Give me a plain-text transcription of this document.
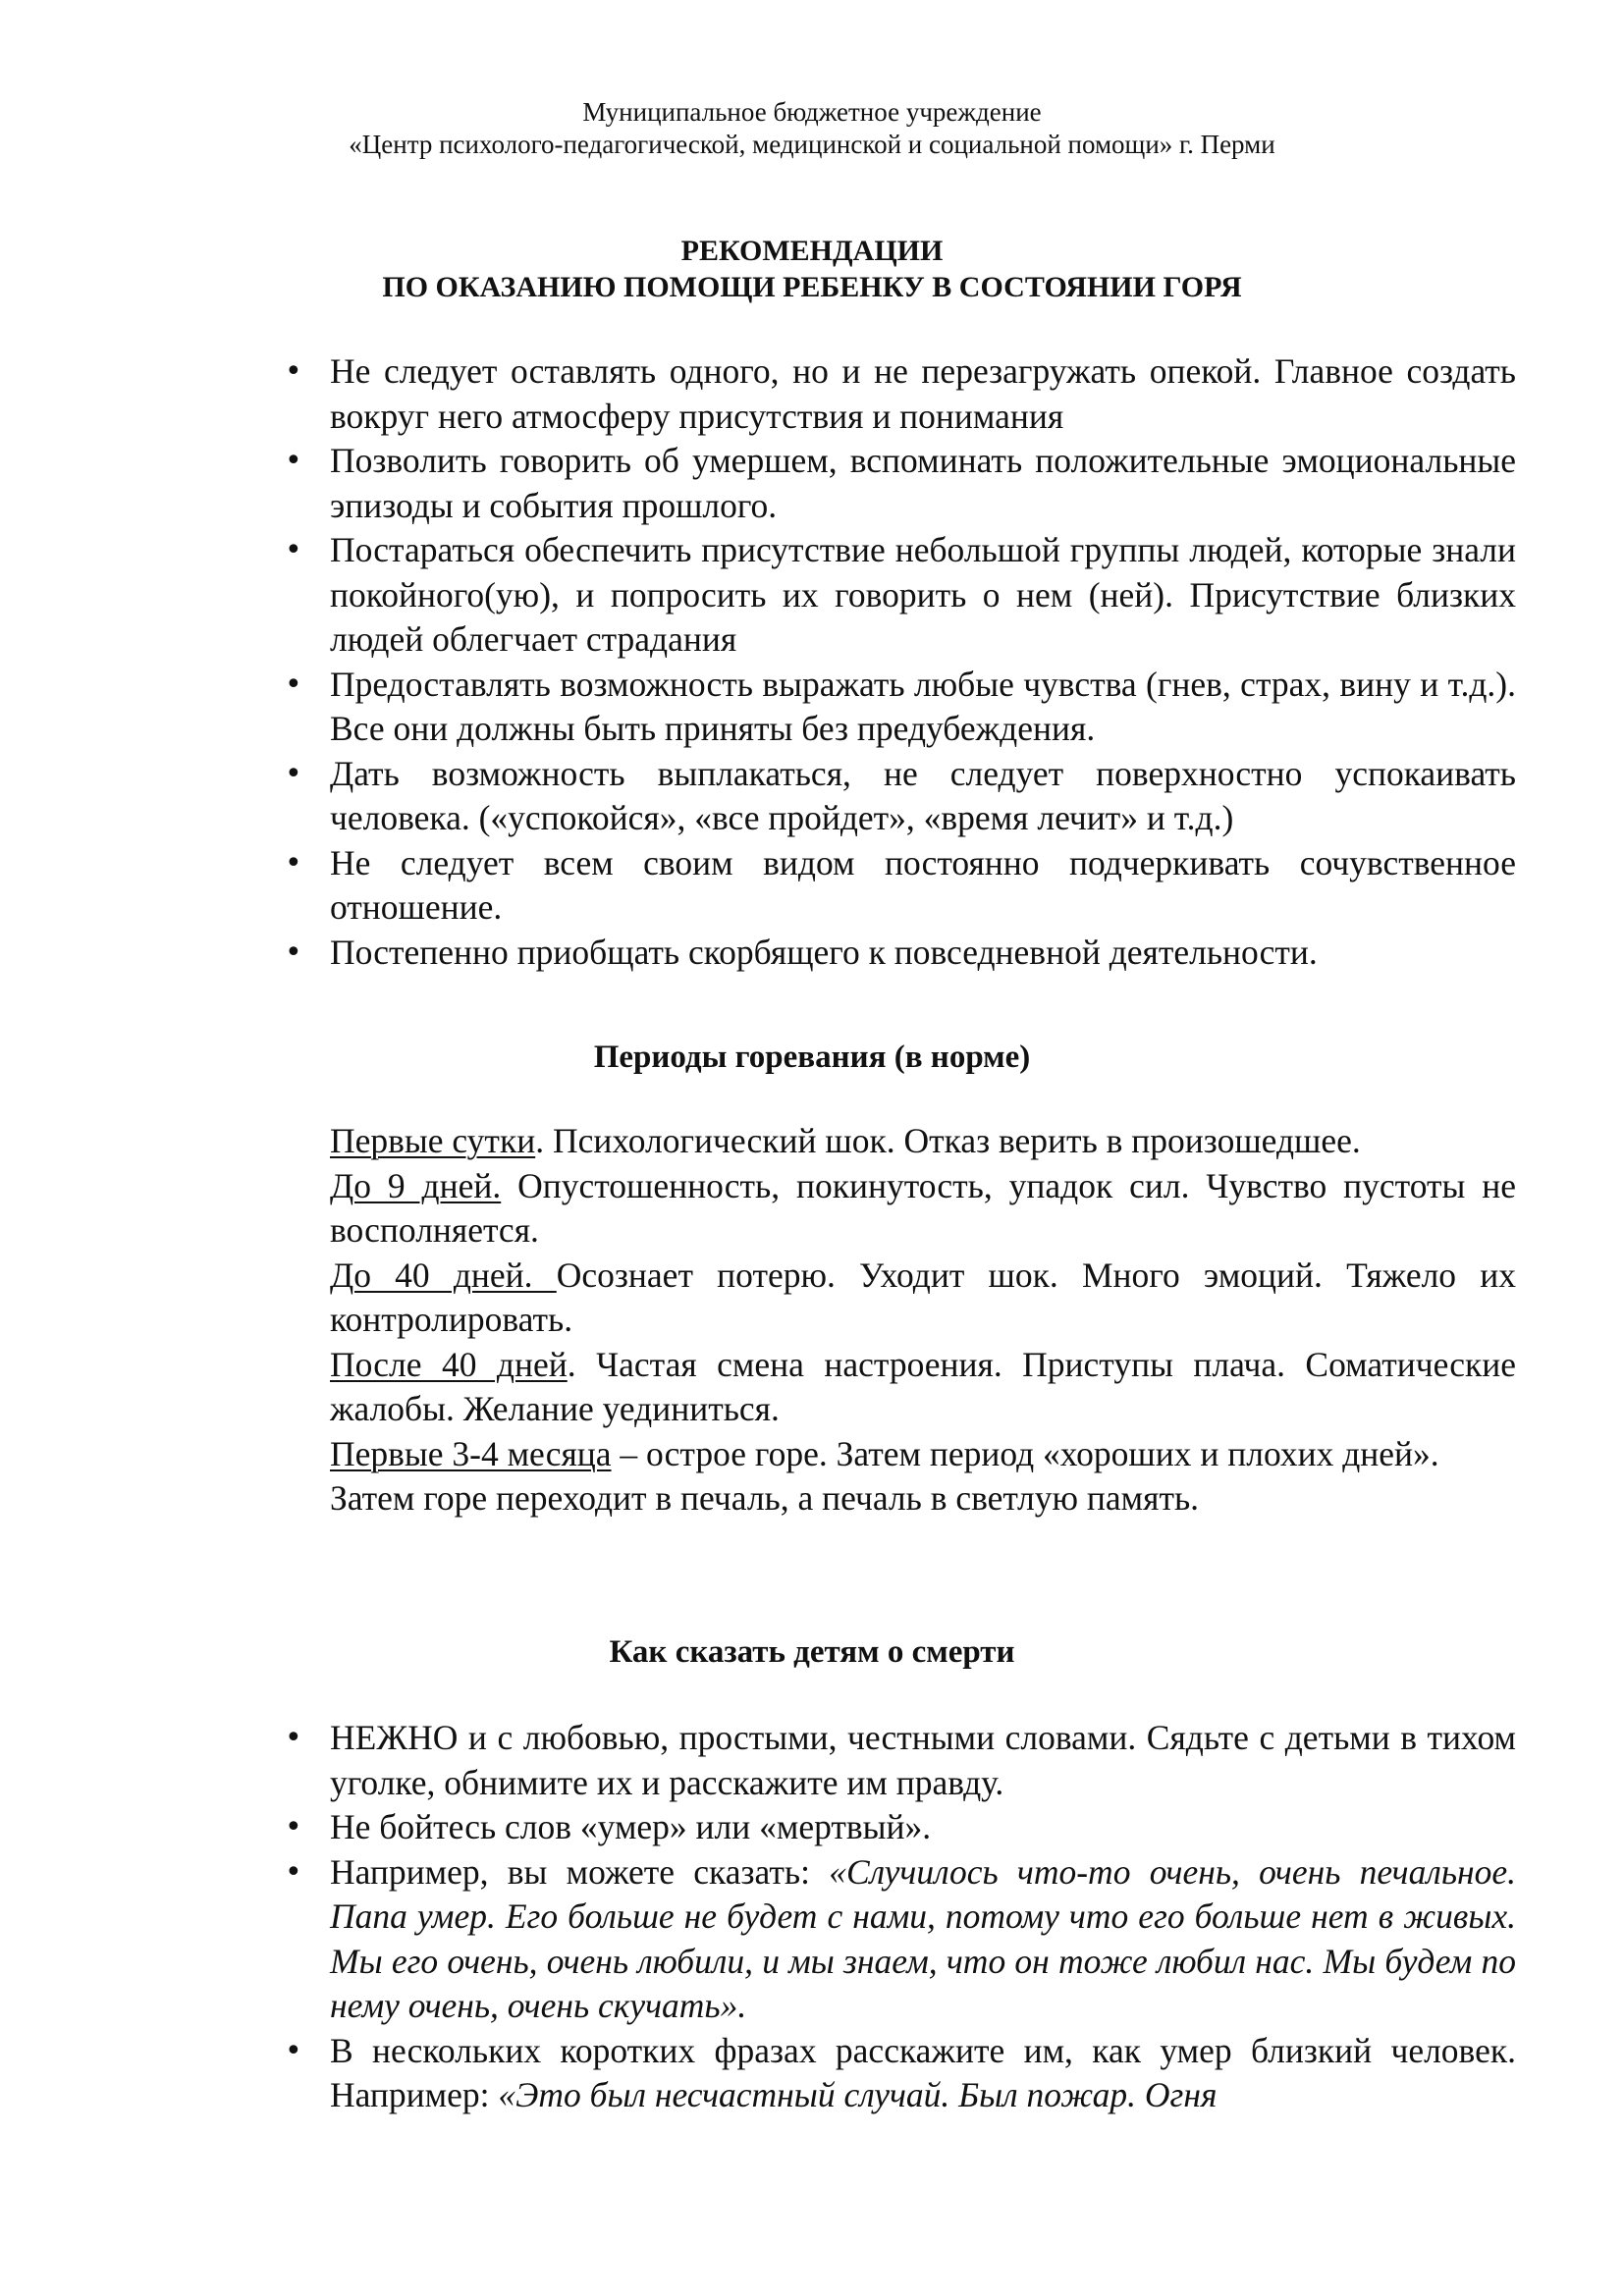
Муниципальное бюджетное учреждение
«Центр психолого-педагогической, медицинской и социальной помощи» г. Перми
РЕКОМЕНДАЦИИ
ПО ОКАЗАНИЮ ПОМОЩИ РЕБЕНКУ В СОСТОЯНИИ ГОРЯ
• Не следует оставлять одного, но и не перезагружать опекой. Главное создать вокруг него атмосферу присутствия и понимания
• Позволить говорить об умершем, вспоминать положительные эмоциональные эпизоды и события прошлого.
• Постараться обеспечить присутствие небольшой группы людей, которые знали покойного(ую), и попросить их говорить о нем (ней). Присутствие близких людей облегчает страдания
• Предоставлять возможность выражать любые чувства (гнев, страх, вину и т.д.). Все они должны быть приняты без предубеждения.
• Дать возможность выплакаться, не следует поверхностно успокаивать человека. («успокойся», «все пройдет», «время лечит» и т.д.)
• Не следует всем своим видом постоянно подчеркивать сочувственное отношение.
• Постепенно приобщать скорбящего к повседневной деятельности.
Периоды горевания (в норме)

Первые сутки. Психологический шок. Отказ верить в произошедшее.

До 9 дней. Опустошенность, покинутость, упадок сил. Чувство пустоты не восполняется.

До 40 дней. Осознает потерю. Уходит шок. Много эмоций. Тяжело их контролировать.

После 40 дней. Частая смена настроения. Приступы плача. Соматические жалобы. Желание уединиться.

Первые 3-4 месяца – острое горе. Затем период «хороших и плохих дней».

Затем горе переходит в печаль, а печаль в светлую память.

Как сказать детям о смерти
• НЕЖНО и с любовью, простыми, честными словами. Сядьте с детьми в тихом уголке, обнимите их и расскажите им правду.
• Не бойтесь слов «умер» или «мертвый».
• Например, вы можете сказать: «Случилось что-то очень, очень печальное. Папа умер. Его больше не будет с нами, потому что его больше нет в живых. Мы его очень, очень любили, и мы знаем, что он тоже любил нас. Мы будем по нему очень, очень скучать».
• В нескольких коротких фразах расскажите им, как умер близкий человек. Например: «Это был несчастный случай. Был пожар. Огня
